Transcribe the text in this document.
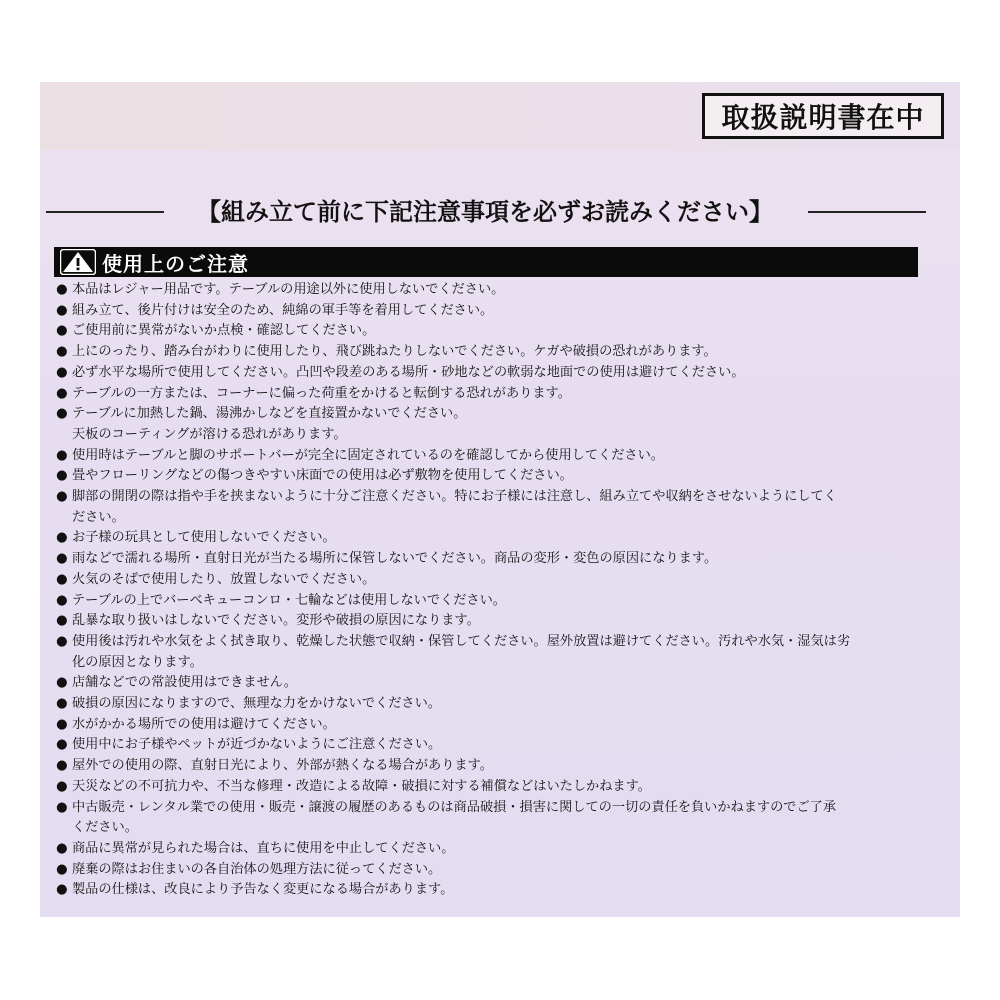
取扱説明書在中
【組み立て前に下記注意事項を必ずお読みください】
使用上のご注意
● 本品はレジャー用品です。テーブルの用途以外に使用しないでください。
● 組み立て、後片付けは安全のため、純綿の軍手等を着用してください。
● ご使用前に異常がないか点検・確認してください。
● 上にのったり、踏み台がわりに使用したり、飛び跳ねたりしないでください。ケガや破損の恐れがあります。
● 必ず水平な場所で使用してください。凸凹や段差のある場所・砂地などの軟弱な地面での使用は避けてください。
● テーブルの一方または、コーナーに偏った荷重をかけると転倒する恐れがあります。
● テーブルに加熱した鍋、湯沸かしなどを直接置かないでください。
天板のコーティングが溶ける恐れがあります。
● 使用時はテーブルと脚のサポートバーが完全に固定されているのを確認してから使用してください。
● 畳やフローリングなどの傷つきやすい床面での使用は必ず敷物を使用してください。
● 脚部の開閉の際は指や手を挟まないように十分ご注意ください。特にお子様には注意し、組み立てや収納をさせないようにしてく
ださい。
● お子様の玩具として使用しないでください。
● 雨などで濡れる場所・直射日光が当たる場所に保管しないでください。商品の変形・変色の原因になります。
● 火気のそばで使用したり、放置しないでください。
● テーブルの上でバーベキューコンロ・七輪などは使用しないでください。
● 乱暴な取り扱いはしないでください。変形や破損の原因になります。
● 使用後は汚れや水気をよく拭き取り、乾燥した状態で収納・保管してください。屋外放置は避けてください。汚れや水気・湿気は劣
化の原因となります。
● 店舗などでの常設使用はできません。
● 破損の原因になりますので、無理な力をかけないでください。
● 水がかかる場所での使用は避けてください。
● 使用中にお子様やペットが近づかないようにご注意ください。
● 屋外での使用の際、直射日光により、外部が熱くなる場合があります。
● 天災などの不可抗力や、不当な修理・改造による故障・破損に対する補償などはいたしかねます。
● 中古販売・レンタル業での使用・販売・譲渡の履歴のあるものは商品破損・損害に関しての一切の責任を負いかねますのでご了承
ください。
● 商品に異常が見られた場合は、直ちに使用を中止してください。
● 廃棄の際はお住まいの各自治体の処理方法に従ってください。
● 製品の仕様は、改良により予告なく変更になる場合があります。
